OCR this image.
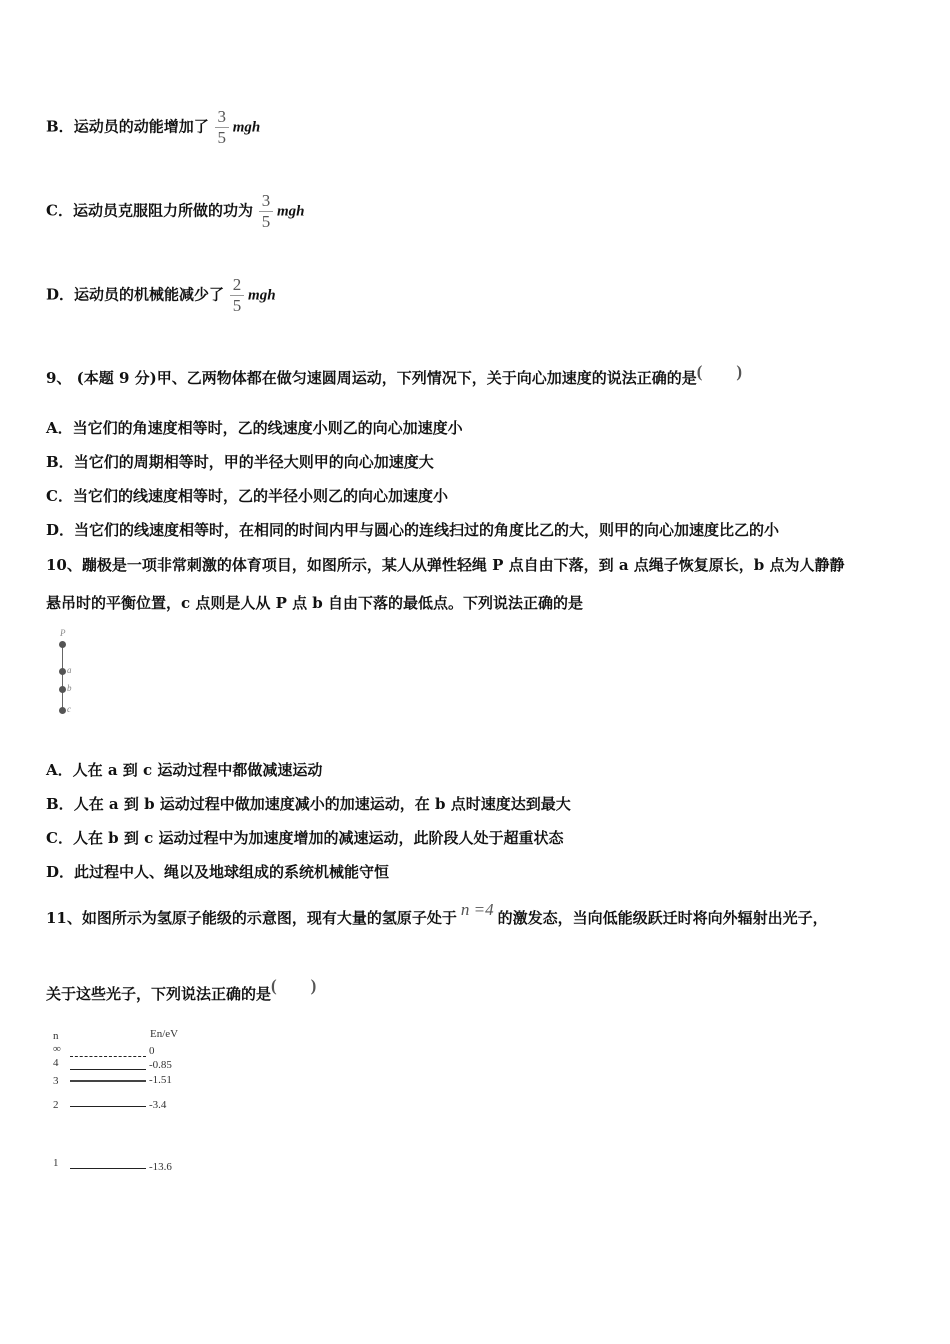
B．运动员的动能增加了 $\frac{3}{5}$ mgh
C．运动员克服阻力所做的功为 $\frac{3}{5}$ mgh
D．运动员的机械能减少了 $\frac{2}{5}$ mgh
9、 (本题 9 分)甲、乙两物体都在做匀速圆周运动，下列情况下，关于向心加速度的说法正确的是(　　)
A．当它们的角速度相等时，乙的线速度小则乙的向心加速度小
B．当它们的周期相等时，甲的半径大则甲的向心加速度大
C．当它们的线速度相等时，乙的半径小则乙的向心加速度小
D．当它们的线速度相等时，在相同的时间内甲与圆心的连线扫过的角度比乙的大，则甲的向心加速度比乙的小
10、蹦极是一项非常刺激的体育项目，如图所示，某人从弹性轻绳 P 点自由下落，到 a 点绳子恢复原长，b 点为人静静
悬吊时的平衡位置，c 点则是人从 P 点 b 自由下落的最低点。下列说法正确的是
P
a
b
c
A．人在 a 到 c 运动过程中都做减速运动
B．人在 a 到 b 运动过程中做加速度减小的加速运动，在 b 点时速度达到最大
C．人在 b 到 c 运动过程中为加速度增加的减速运动，此阶段人处于超重状态
D．此过程中人、绳以及地球组成的系统机械能守恒
11、如图所示为氢原子能级的示意图，现有大量的氢原子处于 n =4 的激发态，当向低能级跃迁时将向外辐射出光子，
关于这些光子，下列说法正确的是(　　)
n	En/eV
∞	0
4	-0.85
3	-1.51
2	-3.4
1	-13.6
